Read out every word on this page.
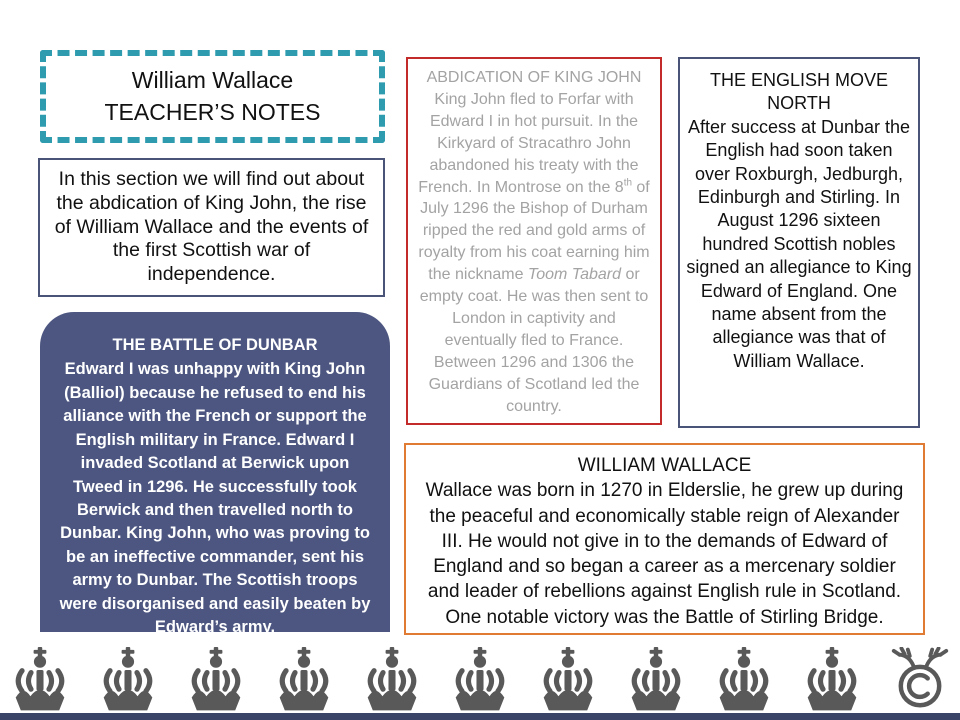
William Wallace
TEACHER’S NOTES
In this section we will find out about the abdication of King John, the rise of William Wallace and the events of the first Scottish war of independence.
THE BATTLE OF DUNBAR
Edward I was unhappy with King John (Balliol) because he refused to end his alliance with the French or support the English military in France. Edward I invaded Scotland at Berwick upon Tweed in 1296. He successfully took Berwick and then travelled north to Dunbar. King John, who was proving to be an ineffective commander, sent his army to Dunbar. The Scottish troops were disorganised and easily beaten by Edward’s army.
ABDICATION OF KING JOHN
King John fled to Forfar with Edward I in hot pursuit. In the Kirkyard of Stracathro John abandoned his treaty with the French. In Montrose on the 8th of July 1296 the Bishop of Durham ripped the red and gold arms of royalty from his coat earning him the nickname Toom Tabard or empty coat. He was then sent to London in captivity and eventually fled to France. Between 1296 and 1306 the Guardians of Scotland led the country.
THE ENGLISH MOVE NORTH
After success at Dunbar the English had soon taken over Roxburgh, Jedburgh, Edinburgh and Stirling. In August 1296 sixteen hundred Scottish nobles signed an allegiance to King Edward of England. One name absent from the allegiance was that of William Wallace.
WILLIAM WALLACE
Wallace was born in 1270 in Elderslie, he grew up during the peaceful and economically stable reign of Alexander III. He would not give in to the demands of Edward of England and so began a career as a mercenary soldier and leader of rebellions against English rule in Scotland. One notable victory was the Battle of Stirling Bridge.
